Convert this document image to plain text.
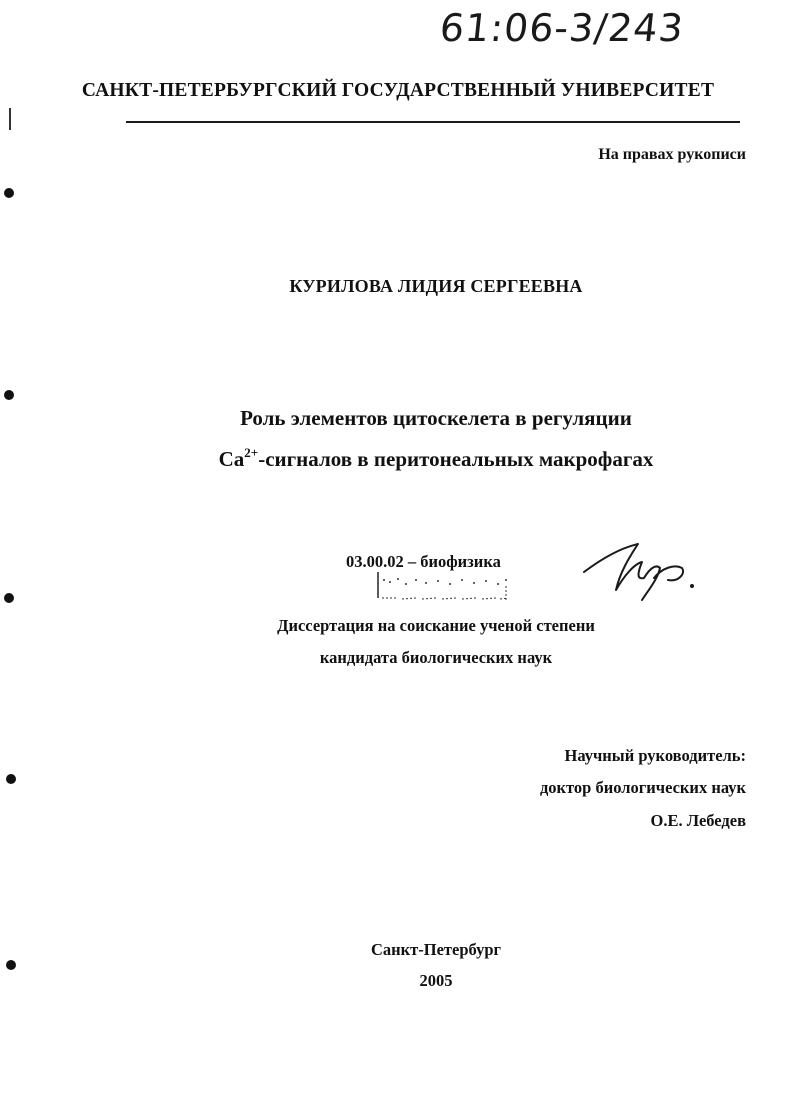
61:06-3/243
САНКТ-ПЕТЕРБУРГСКИЙ ГОСУДАРСТВЕННЫЙ УНИВЕРСИТЕТ
На правах рукописи
КУРИЛОВА ЛИДИЯ СЕРГЕЕВНА
Роль элементов цитоскелета в регуляции
$Ca^{2+}$-сигналов в перитонеальных макрофагах
03.00.02 – биофизика
Диссертация на соискание ученой степени
кандидата биологических наук
Научный руководитель:
доктор биологических наук
О.Е. Лебедев
Санкт-Петербург
2005
